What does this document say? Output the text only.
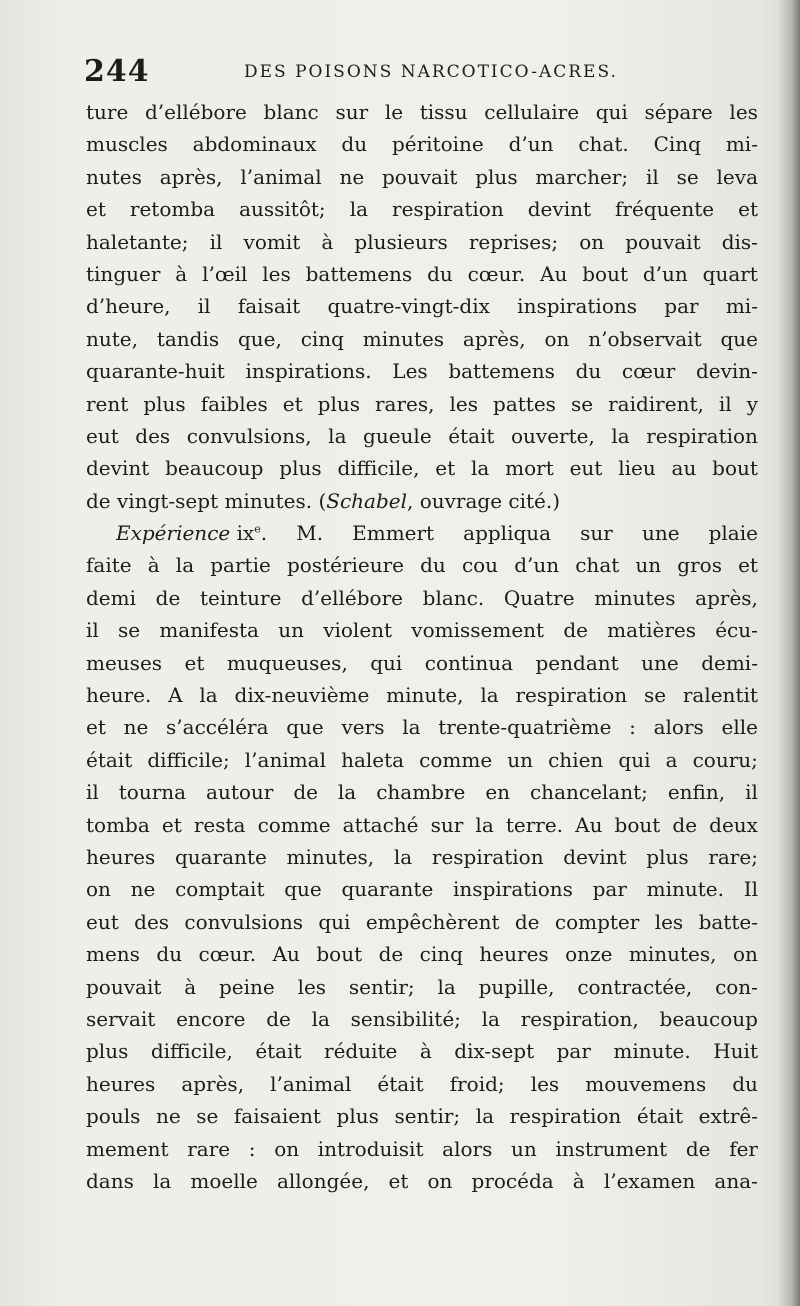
244	DES POISONS NARCOTICO-ACRES.
ture d’ellébore blanc sur le tissu cellulaire qui sépare les
muscles abdominaux du péritoine d’un chat. Cinq mi-
nutes après, l’animal ne pouvait plus marcher; il se leva
et retomba aussitôt; la respiration devint fréquente et
haletante; il vomit à plusieurs reprises; on pouvait dis-
tinguer à l’œil les battemens du cœur. Au bout d’un quart
d’heure, il faisait quatre-vingt-dix inspirations par mi-
nute, tandis que, cinq minutes après, on n’observait que
quarante-huit inspirations. Les battemens du cœur devin-
rent plus faibles et plus rares, les pattes se raidirent, il y
eut des convulsions, la gueule était ouverte, la respiration
devint beaucoup plus difficile, et la mort eut lieu au bout
de vingt-sept minutes. ( Schabel , ouvrage cité.)
Expérience $ix^e$. M. Emmert appliqua sur une plaie
faite à la partie postérieure du cou d’un chat un gros et
demi de teinture d’ellébore blanc. Quatre minutes après,
il se manifesta un violent vomissement de matières écu-
meuses et muqueuses, qui continua pendant une demi-
heure. A la dix-neuvième minute, la respiration se ralentit
et ne s’accéléra que vers la trente-quatrième : alors elle
était difficile; l’animal haleta comme un chien qui a couru;
il tourna autour de la chambre en chancelant; enfin, il
tomba et resta comme attaché sur la terre. Au bout de deux
heures quarante minutes, la respiration devint plus rare;
on ne comptait que quarante inspirations par minute. Il
eut des convulsions qui empêchèrent de compter les batte-
mens du cœur. Au bout de cinq heures onze minutes, on
pouvait à peine les sentir; la pupille, contractée, con-
servait encore de la sensibilité; la respiration, beaucoup
plus difficile, était réduite à dix-sept par minute. Huit
heures après, l’animal était froid; les mouvemens du
pouls ne se faisaient plus sentir; la respiration était extrê-
mement rare : on introduisit alors un instrument de fer
dans la moelle allongée, et on procéda à l’examen ana-
